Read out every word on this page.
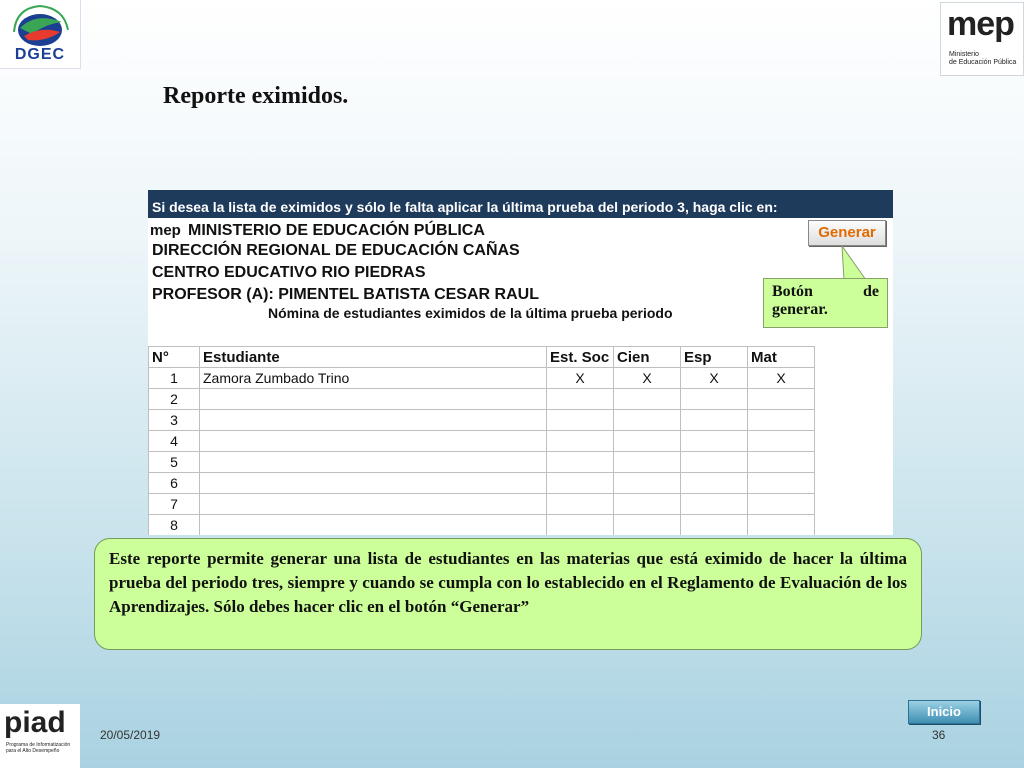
DGEC
mep
Ministerio
de Educación Pública
Reporte eximidos.
Si desea la lista de eximidos y sólo le falta aplicar la última prueba del periodo 3, haga clic en:
mep MINISTERIO DE EDUCACIÓN PÚBLICA
DIRECCIÓN REGIONAL DE EDUCACIÓN CAÑAS
CENTRO EDUCATIVO RIO PIEDRAS
PROFESOR (A): PIMENTEL BATISTA CESAR RAUL
Nómina de estudiantes eximidos de la última prueba periodo
Generar
N°	Estudiante	Est. Soc	Cien	Esp	Mat
1	Zamora Zumbado Trino	X	X	X	X
2					
3					
4					
5					
6					
7					
8					
Botón	de
generar.
Este reporte permite generar una lista de estudiantes en las materias que está eximido de hacer la última prueba del periodo tres, siempre y cuando se cumpla con lo establecido en el Reglamento de Evaluación de los Aprendizajes. Sólo debes hacer clic en el botón “Generar”
piad
Programa de Informatización para el Alto Desempeño
20/05/2019
Inicio
36
